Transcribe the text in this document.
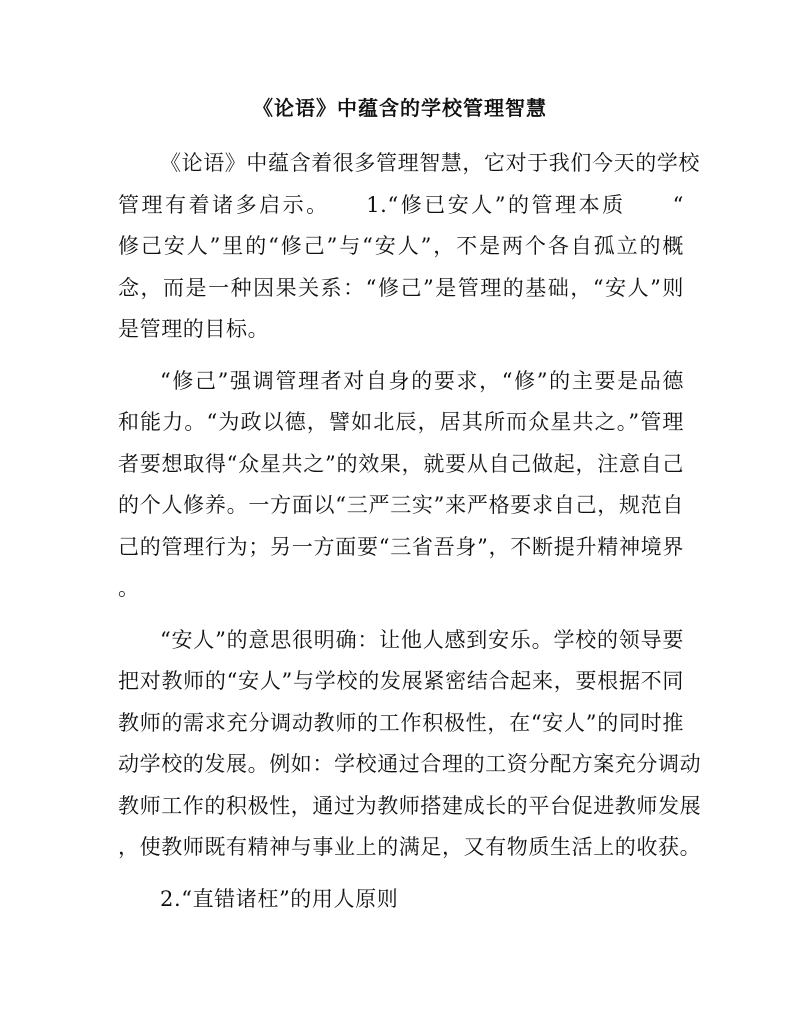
《论语》中蕴含的学校管理智慧
《论语》中蕴含着很多管理智慧，它对于我们今天的学校
管理有着诸多启示。　　1.“修已安人”的管理本质　　“
修己安人”里的“修己”与“安人”，不是两个各自孤立的概
念，而是一种因果关系：“修己”是管理的基础，“安人”则
是管理的目标。
“修己”强调管理者对自身的要求，“修”的主要是品德
和能力。“为政以德，譬如北辰，居其所而众星共之。”管理
者要想取得“众星共之”的效果，就要从自己做起，注意自己
的个人修养。一方面以“三严三实”来严格要求自己，规范自
己的管理行为；另一方面要“三省吾身”，不断提升精神境界
。
“安人”的意思很明确：让他人感到安乐。学校的领导要
把对教师的“安人”与学校的发展紧密结合起来，要根据不同
教师的需求充分调动教师的工作积极性，在“安人”的同时推
动学校的发展。例如：学校通过合理的工资分配方案充分调动
教师工作的积极性，通过为教师搭建成长的平台促进教师发展
，使教师既有精神与事业上的满足，又有物质生活上的收获。
2.“直错诸枉”的用人原则
